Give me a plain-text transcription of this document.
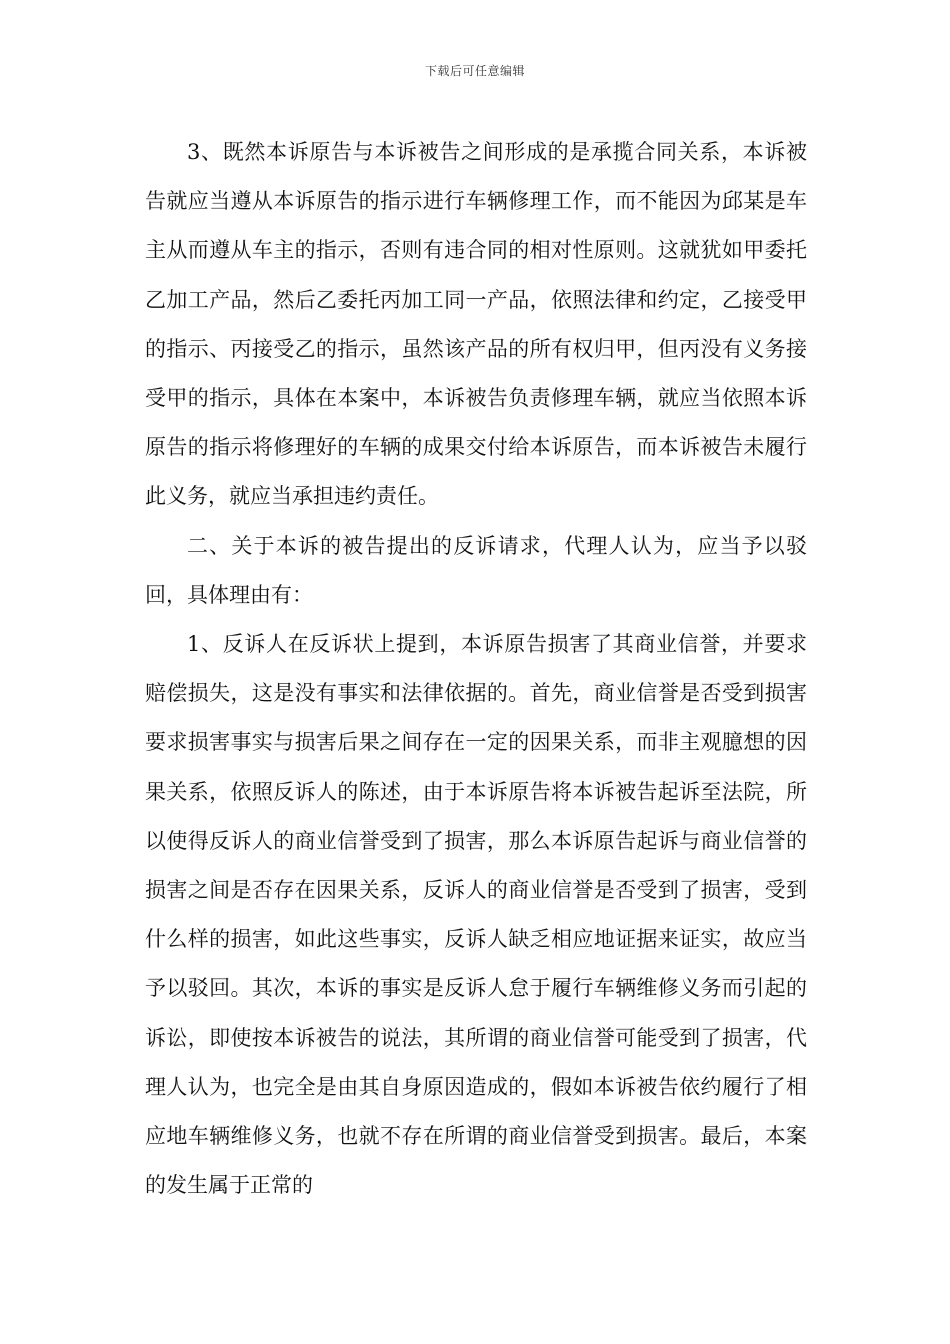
下载后可任意编辑

3、既然本诉原告与本诉被告之间形成的是承揽合同关系，本诉被告就应当遵从本诉原告的指示进行车辆修理工作，而不能因为邱某是车主从而遵从车主的指示，否则有违合同的相对性原则。这就犹如甲委托乙加工产品，然后乙委托丙加工同一产品，依照法律和约定，乙接受甲的指示、丙接受乙的指示，虽然该产品的所有权归甲，但丙没有义务接受甲的指示，具体在本案中，本诉被告负责修理车辆，就应当依照本诉原告的指示将修理好的车辆的成果交付给本诉原告，而本诉被告未履行此义务，就应当承担违约责任。

二、关于本诉的被告提出的反诉请求，代理人认为，应当予以驳回，具体理由有：

1、反诉人在反诉状上提到，本诉原告损害了其商业信誉，并要求赔偿损失，这是没有事实和法律依据的。首先，商业信誉是否受到损害要求损害事实与损害后果之间存在一定的因果关系，而非主观臆想的因果关系，依照反诉人的陈述，由于本诉原告将本诉被告起诉至法院，所以使得反诉人的商业信誉受到了损害，那么本诉原告起诉与商业信誉的损害之间是否存在因果关系，反诉人的商业信誉是否受到了损害，受到什么样的损害，如此这些事实，反诉人缺乏相应地证据来证实，故应当予以驳回。其次，本诉的事实是反诉人怠于履行车辆维修义务而引起的诉讼，即使按本诉被告的说法，其所谓的商业信誉可能受到了损害，代理人认为，也完全是由其自身原因造成的，假如本诉被告依约履行了相应地车辆维修义务，也就不存在所谓的商业信誉受到损害。最后，本案的发生属于正常的
